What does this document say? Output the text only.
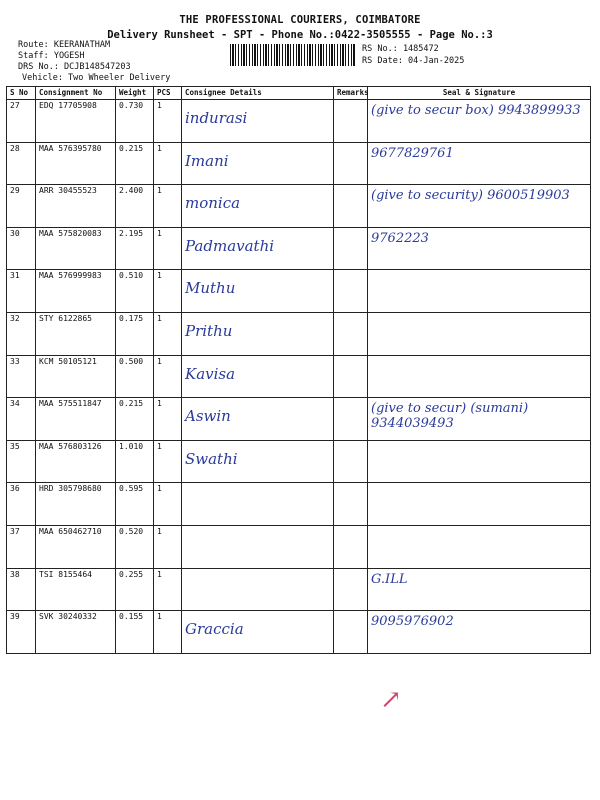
THE PROFESSIONAL COURIERS, COIMBATORE
Delivery Runsheet - SPT - Phone No.:0422-3505555 - Page No.:3
Route: KEERANATHAM
Staff: YOGESH
DRS No.: DCJB148547203
Vehicle: Two Wheeler Delivery
RS No.: 1485472
RS Date: 04-Jan-2025
S No	Consignment No	Weight	PCS	Consignee Details	Remarks	Seal & Signature
27	EDQ 17705908	0.730	1	indurasi		(give to secur box) 9943899933

28	MAA 576395780	0.215	1	Imani		9677829761

29	ARR 30455523	2.400	1	monica		(give to security) 9600519903

30	MAA 575820083	2.195	1	Padmavathi		9762223

31	MAA 576999983	0.510	1	Muthu		

32	STY 6122865	0.175	1	Prithu		

33	KCM 50105121	0.500	1	Kavisa		

34	MAA 575511847	0.215	1	Aswin		(give to secur) (sumani) 9344039493

35	MAA 576803126	1.010	1	Swathi		

36	HRD 305798680	0.595	1	

37	MAA 650462710	0.520	1	

38	TSI 8155464	0.255	1			G.ILL

39	SVK 30240332	0.155	1	Graccia		9095976902
↗
